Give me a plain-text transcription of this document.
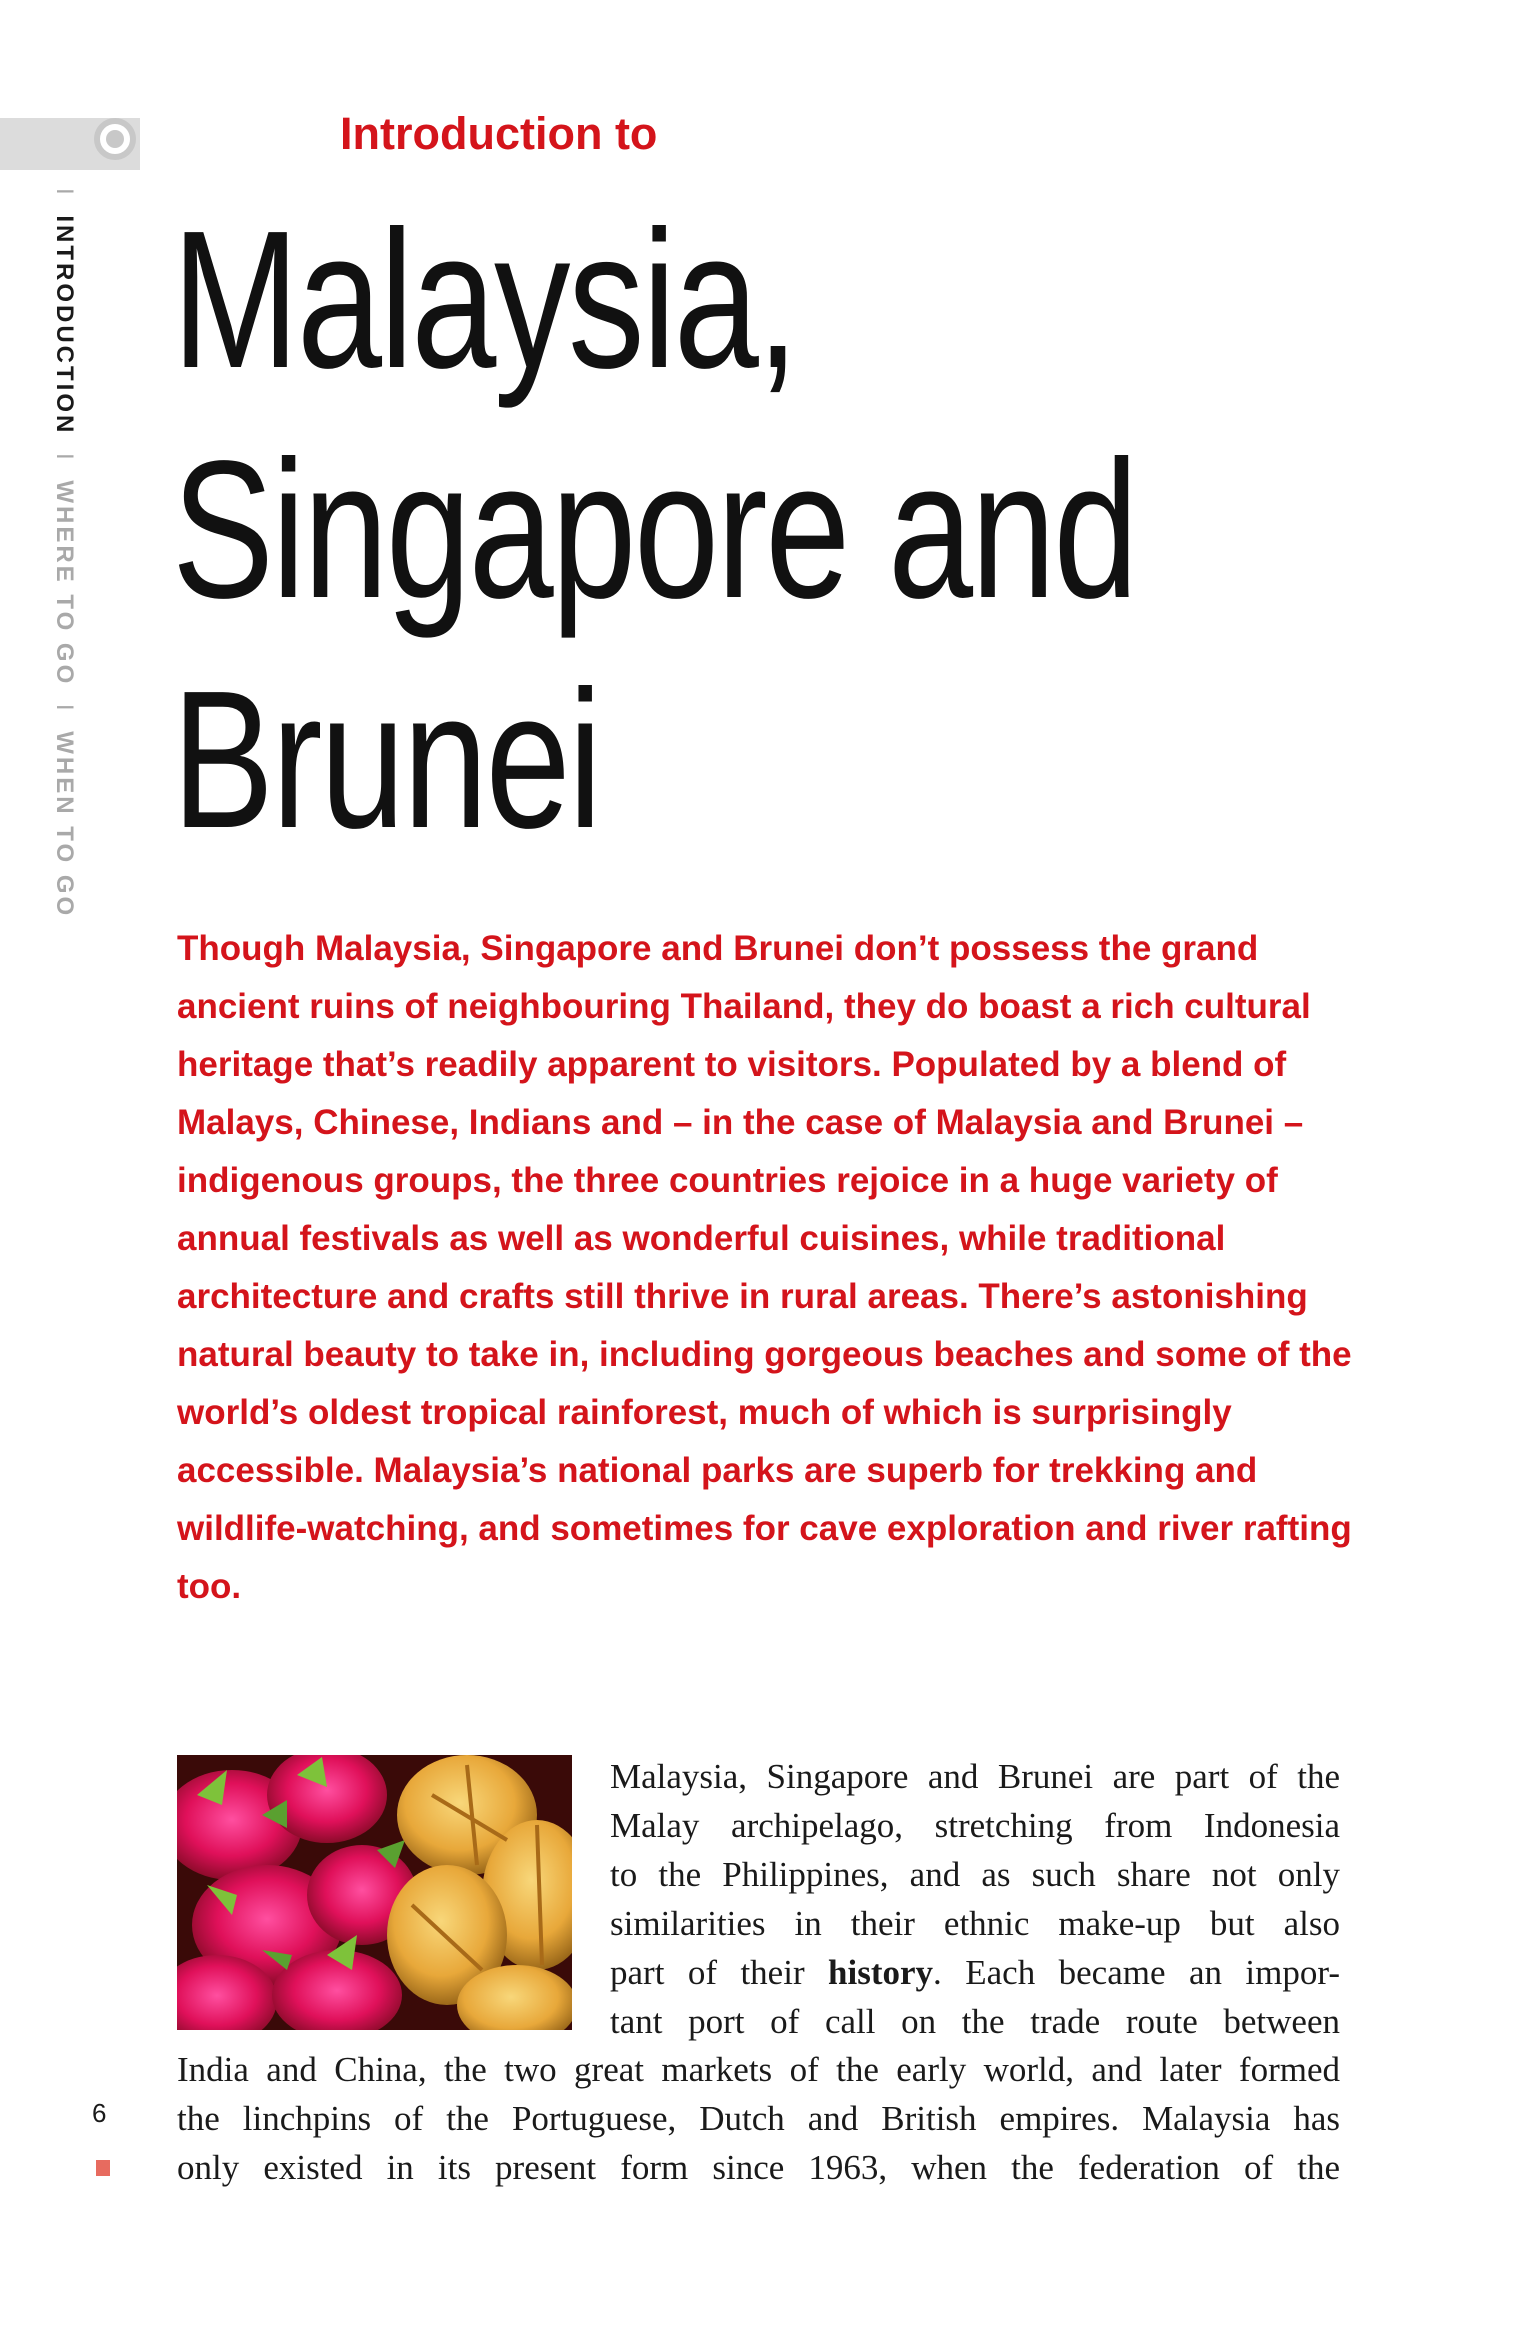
I INTRODUCTION I WHERE TO GO I WHEN TO GO

Introduction to

Malaysia,
Singapore and
Brunei

Though Malaysia, Singapore and Brunei don’t possess the grand ancient ruins of neighbouring Thailand, they do boast a rich cultural heritage that’s readily apparent to visitors. Populated by a blend of Malays, Chinese, Indians and – in the case of Malaysia and Brunei – indigenous groups, the three countries rejoice in a huge variety of annual festivals as well as wonderful cuisines, while traditional architecture and crafts still thrive in rural areas. There’s astonishing natural beauty to take in, including gorgeous beaches and some of the world’s oldest tropical rainforest, much of which is surprisingly accessible. Malaysia’s national parks are superb for trekking and wildlife-watching, and sometimes for cave exploration and river rafting too.

Malaysia, Singapore and Brunei are part of the
Malay archipelago, stretching from Indonesia
to the Philippines, and as such share not only
similarities in their ethnic make-up but also
part of their history. Each became an impor-
tant port of call on the trade route between
India and China, the two great markets of the early world, and later formed
the linchpins of the Portuguese, Dutch and British empires. Malaysia has
only existed in its present form since 1963, when the federation of the
6
